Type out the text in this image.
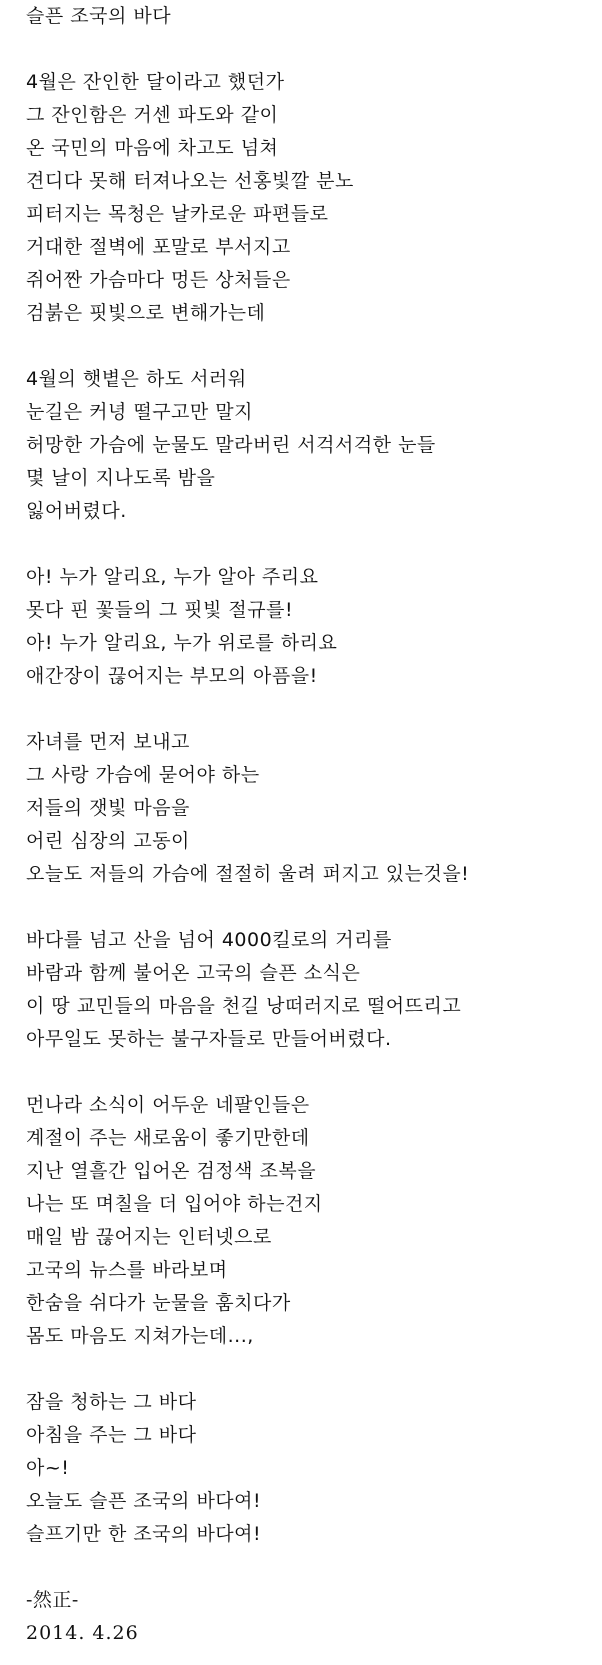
슬픈 조국의 바다
4월은 잔인한 달이라고 했던가
그 잔인함은 거센 파도와 같이
온 국민의 마음에 차고도 넘쳐
견디다 못해 터져나오는 선홍빛깔 분노
피터지는 목청은 날카로운 파편들로
거대한 절벽에 포말로 부서지고
쥐어짠 가슴마다 멍든 상처들은
검붉은 핏빛으로 변해가는데
4월의 햇볕은 하도 서러워
눈길은 커녕 떨구고만 말지
허망한 가슴에 눈물도 말라버린 서걱서걱한 눈들
몇 날이 지나도록 밤을
잃어버렸다.
아! 누가 알리요, 누가 알아 주리요
못다 핀 꽃들의 그 핏빛 절규를!
아! 누가 알리요, 누가 위로를 하리요
애간장이 끊어지는 부모의 아픔을!
자녀를 먼저 보내고
그 사랑 가슴에 묻어야 하는
저들의 잿빛 마음을
어린 심장의 고동이
오늘도 저들의 가슴에 절절히 울려 퍼지고 있는것을!
바다를 넘고 산을 넘어 4000킬로의 거리를
바람과 함께 불어온 고국의 슬픈 소식은
이 땅 교민들의 마음을 천길 낭떠러지로 떨어뜨리고
아무일도 못하는 불구자들로 만들어버렸다.
먼나라 소식이 어두운 네팔인들은
계절이 주는 새로움이 좋기만한데
지난 열흘간 입어온 검정색 조복을
나는 또 며칠을 더 입어야 하는건지
매일 밤 끊어지는 인터넷으로
고국의 뉴스를 바라보며
한숨을 쉬다가 눈물을 훔치다가
몸도 마음도 지쳐가는데...,
잠을 청하는 그 바다
아침을 주는 그 바다
아~!
오늘도 슬픈 조국의 바다여!
슬프기만 한 조국의 바다여!
-然正-
2014. 4.26
